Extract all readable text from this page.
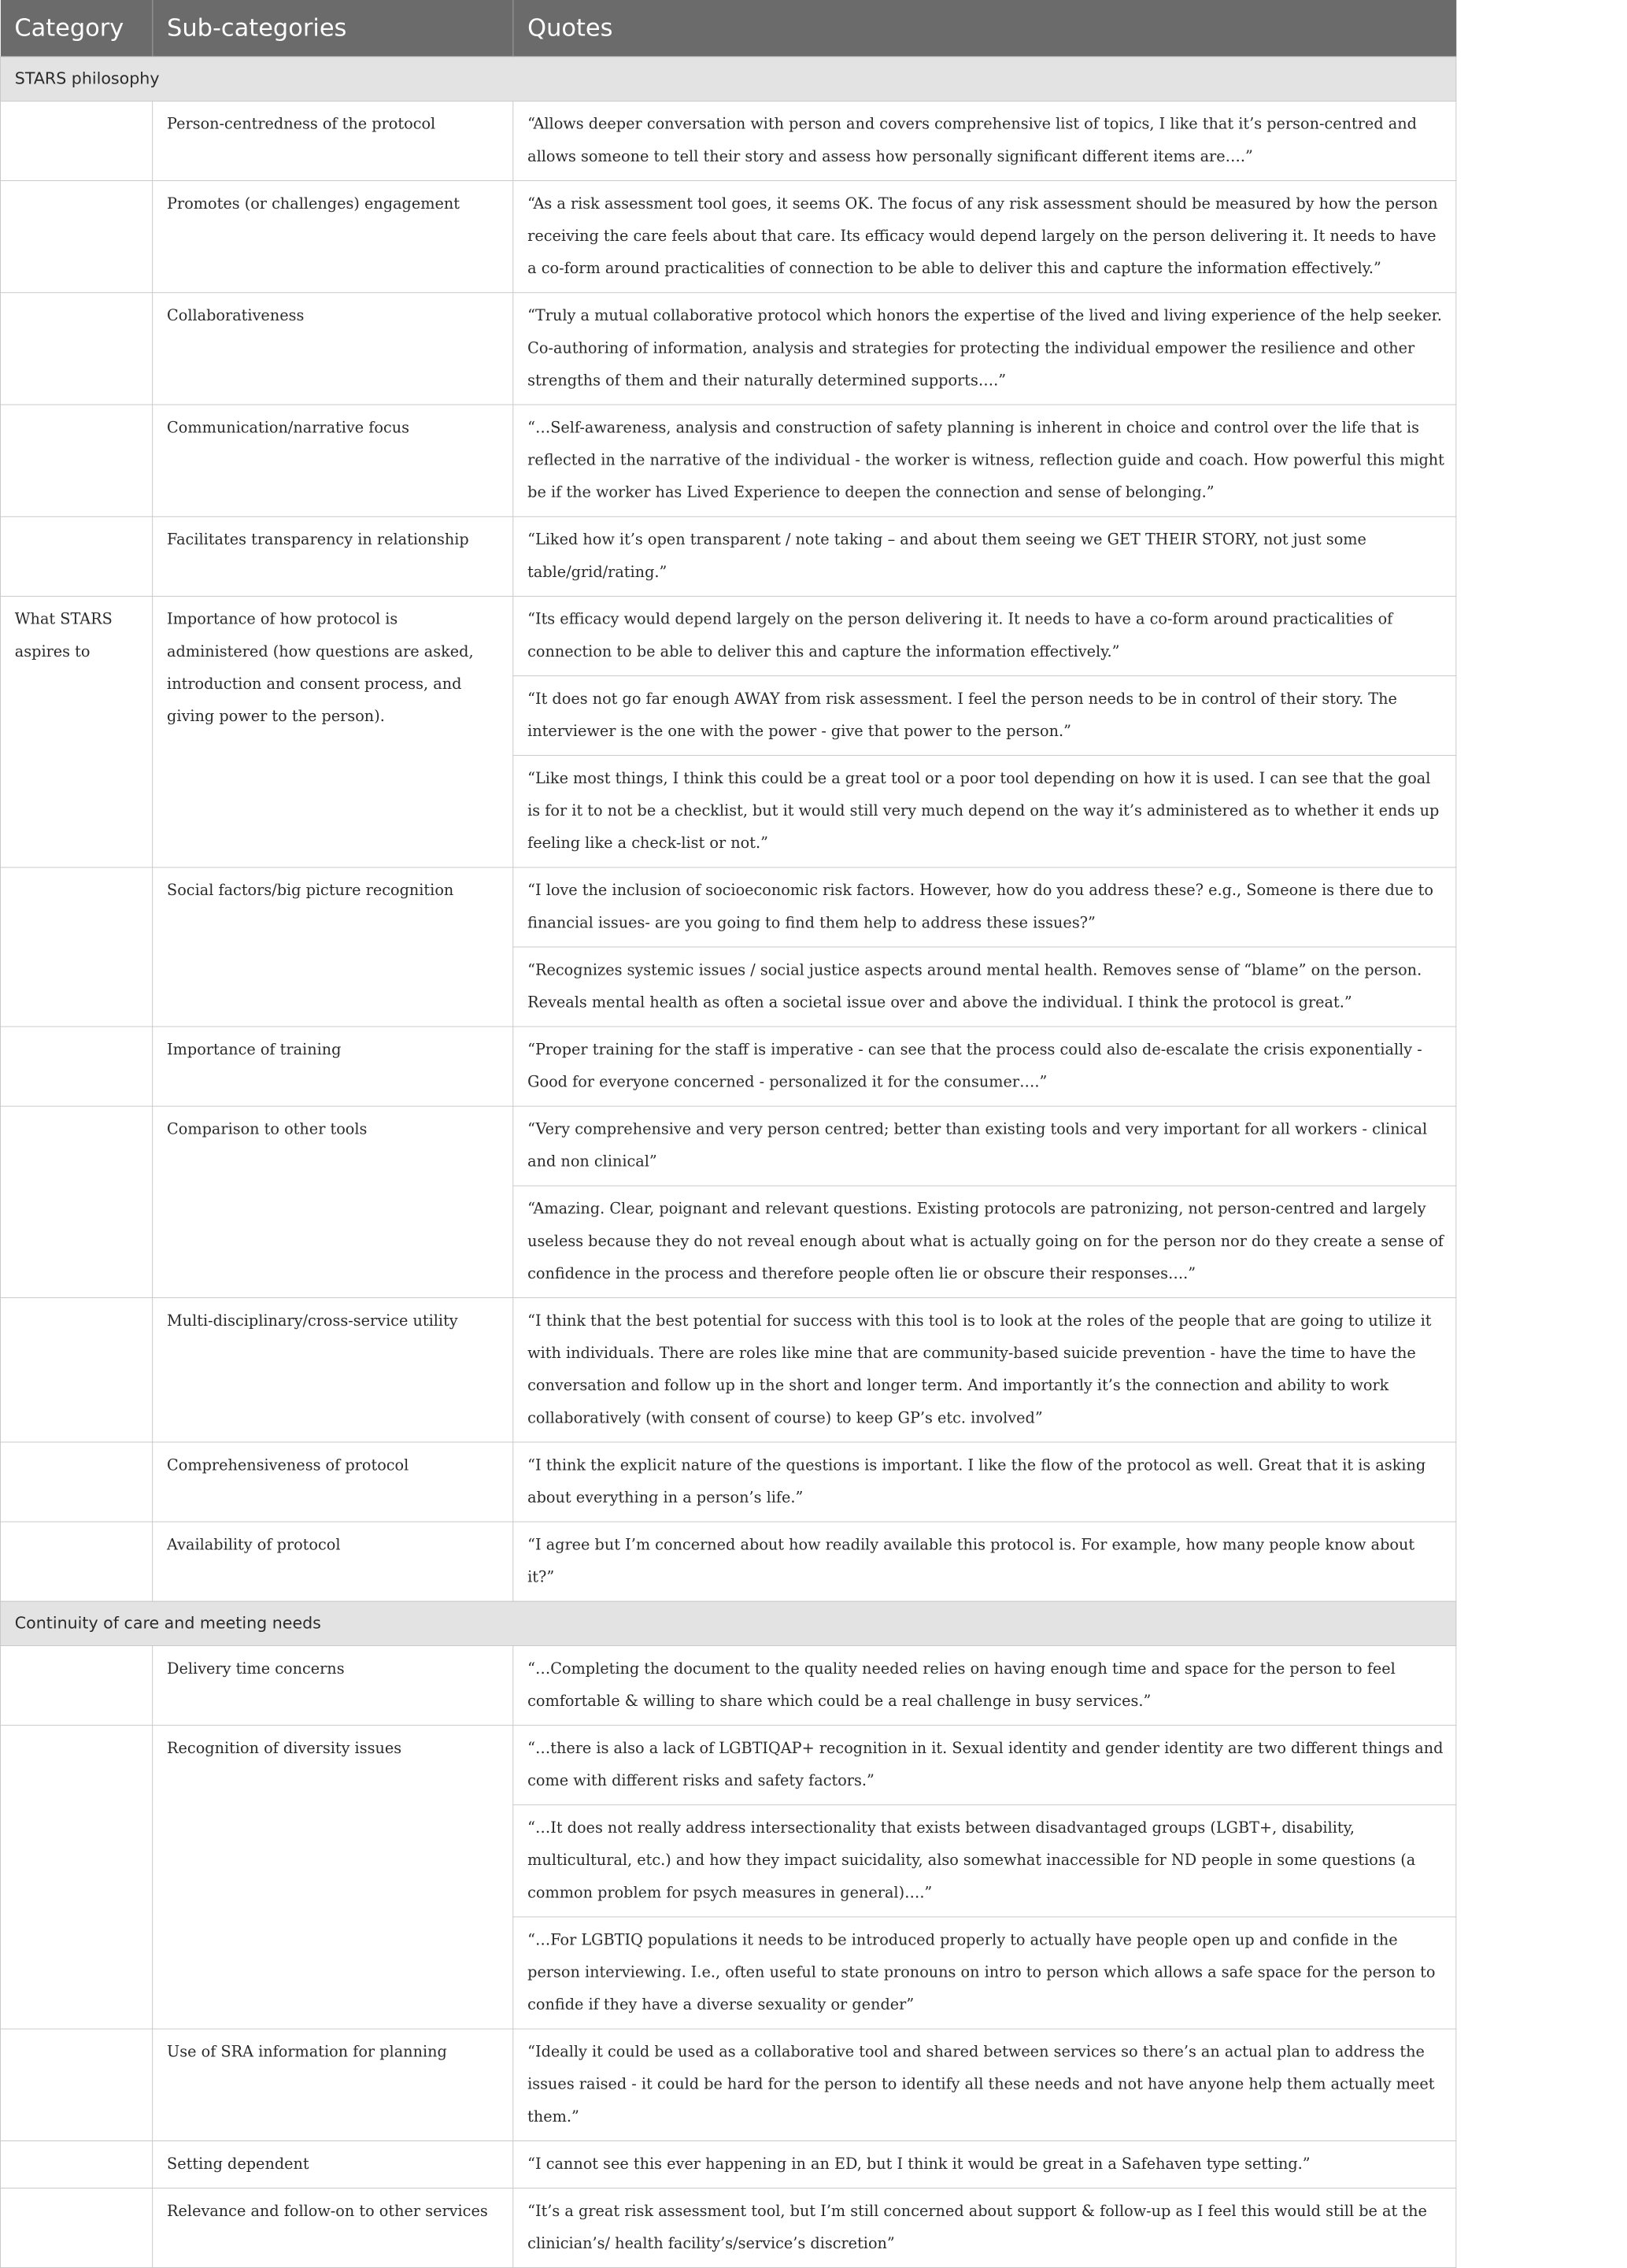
Category	Sub-categories	Quotes
STARS philosophy		
	Person-centredness of the protocol	“Allows deeper conversation with person and covers comprehensive list of topics, I like that it’s person-centred and allows someone to tell their story and assess how personally significant different items are….”
	Promotes (or challenges) engagement	“As a risk assessment tool goes, it seems OK. The focus of any risk assessment should be measured by how the person receiving the care feels about that care. Its efficacy would depend largely on the person delivering it. It needs to have a co-form around practicalities of connection to be able to deliver this and capture the information effectively.”
	Collaborativeness	“Truly a mutual collaborative protocol which honors the expertise of the lived and living experience of the help seeker. Co-authoring of information, analysis and strategies for protecting the individual empower the resilience and other strengths of them and their naturally determined supports….”
	Communication/narrative focus	“…Self-awareness, analysis and construction of safety planning is inherent in choice and control over the life that is reflected in the narrative of the individual - the worker is witness, reflection guide and coach. How powerful this might be if the worker has Lived Experience to deepen the connection and sense of belonging.”
	Facilitates transparency in relationship	“Liked how it’s open transparent / note taking – and about them seeing we GET THEIR STORY, not just some table/grid/rating.”
What STARS aspires to	Importance of how protocol is administered (how questions are asked, introduction and consent process, and giving power to the person).	“Its efficacy would depend largely on the person delivering it. It needs to have a co-form around practicalities of connection to be able to deliver this and capture the information effectively.”
		“It does not go far enough AWAY from risk assessment. I feel the person needs to be in control of their story. The interviewer is the one with the power - give that power to the person.”
		“Like most things, I think this could be a great tool or a poor tool depending on how it is used. I can see that the goal is for it to not be a checklist, but it would still very much depend on the way it’s administered as to whether it ends up feeling like a check-list or not.”
	Social factors/big picture recognition	“I love the inclusion of socioeconomic risk factors. However, how do you address these? e.g., Someone is there due to financial issues- are you going to find them help to address these issues?”
		“Recognizes systemic issues / social justice aspects around mental health. Removes sense of “blame” on the person. Reveals mental health as often a societal issue over and above the individual. I think the protocol is great.”
	Importance of training	“Proper training for the staff is imperative - can see that the process could also de-escalate the crisis exponentially - Good for everyone concerned - personalized it for the consumer….”
	Comparison to other tools	“Very comprehensive and very person centred; better than existing tools and very important for all workers - clinical and non clinical”
		“Amazing. Clear, poignant and relevant questions. Existing protocols are patronizing, not person-centred and largely useless because they do not reveal enough about what is actually going on for the person nor do they create a sense of confidence in the process and therefore people often lie or obscure their responses….”
	Multi-disciplinary/cross-service utility	“I think that the best potential for success with this tool is to look at the roles of the people that are going to utilize it with individuals. There are roles like mine that are community-based suicide prevention - have the time to have the conversation and follow up in the short and longer term. And importantly it’s the connection and ability to work collaboratively (with consent of course) to keep GP’s etc. involved”
	Comprehensiveness of protocol	“I think the explicit nature of the questions is important. I like the flow of the protocol as well. Great that it is asking about everything in a person’s life.”
	Availability of protocol	“I agree but I’m concerned about how readily available this protocol is. For example, how many people know about it?”
Continuity of care and meeting needs		
	Delivery time concerns	“…Completing the document to the quality needed relies on having enough time and space for the person to feel comfortable & willing to share which could be a real challenge in busy services.”
	Recognition of diversity issues	“…there is also a lack of LGBTIQAP+ recognition in it. Sexual identity and gender identity are two different things and come with different risks and safety factors.”
		“…It does not really address intersectionality that exists between disadvantaged groups (LGBT+, disability, multicultural, etc.) and how they impact suicidality, also somewhat inaccessible for ND people in some questions (a common problem for psych measures in general)….”
		“…For LGBTIQ populations it needs to be introduced properly to actually have people open up and confide in the person interviewing. I.e., often useful to state pronouns on intro to person which allows a safe space for the person to confide if they have a diverse sexuality or gender”
	Use of SRA information for planning	“Ideally it could be used as a collaborative tool and shared between services so there’s an actual plan to address the issues raised - it could be hard for the person to identify all these needs and not have anyone help them actually meet them.”
	Setting dependent	“I cannot see this ever happening in an ED, but I think it would be great in a Safehaven type setting.”
	Relevance and follow-on to other services	“It’s a great risk assessment tool, but I’m still concerned about support & follow-up as I feel this would still be at the clinician’s/ health facility’s/service’s discretion”
